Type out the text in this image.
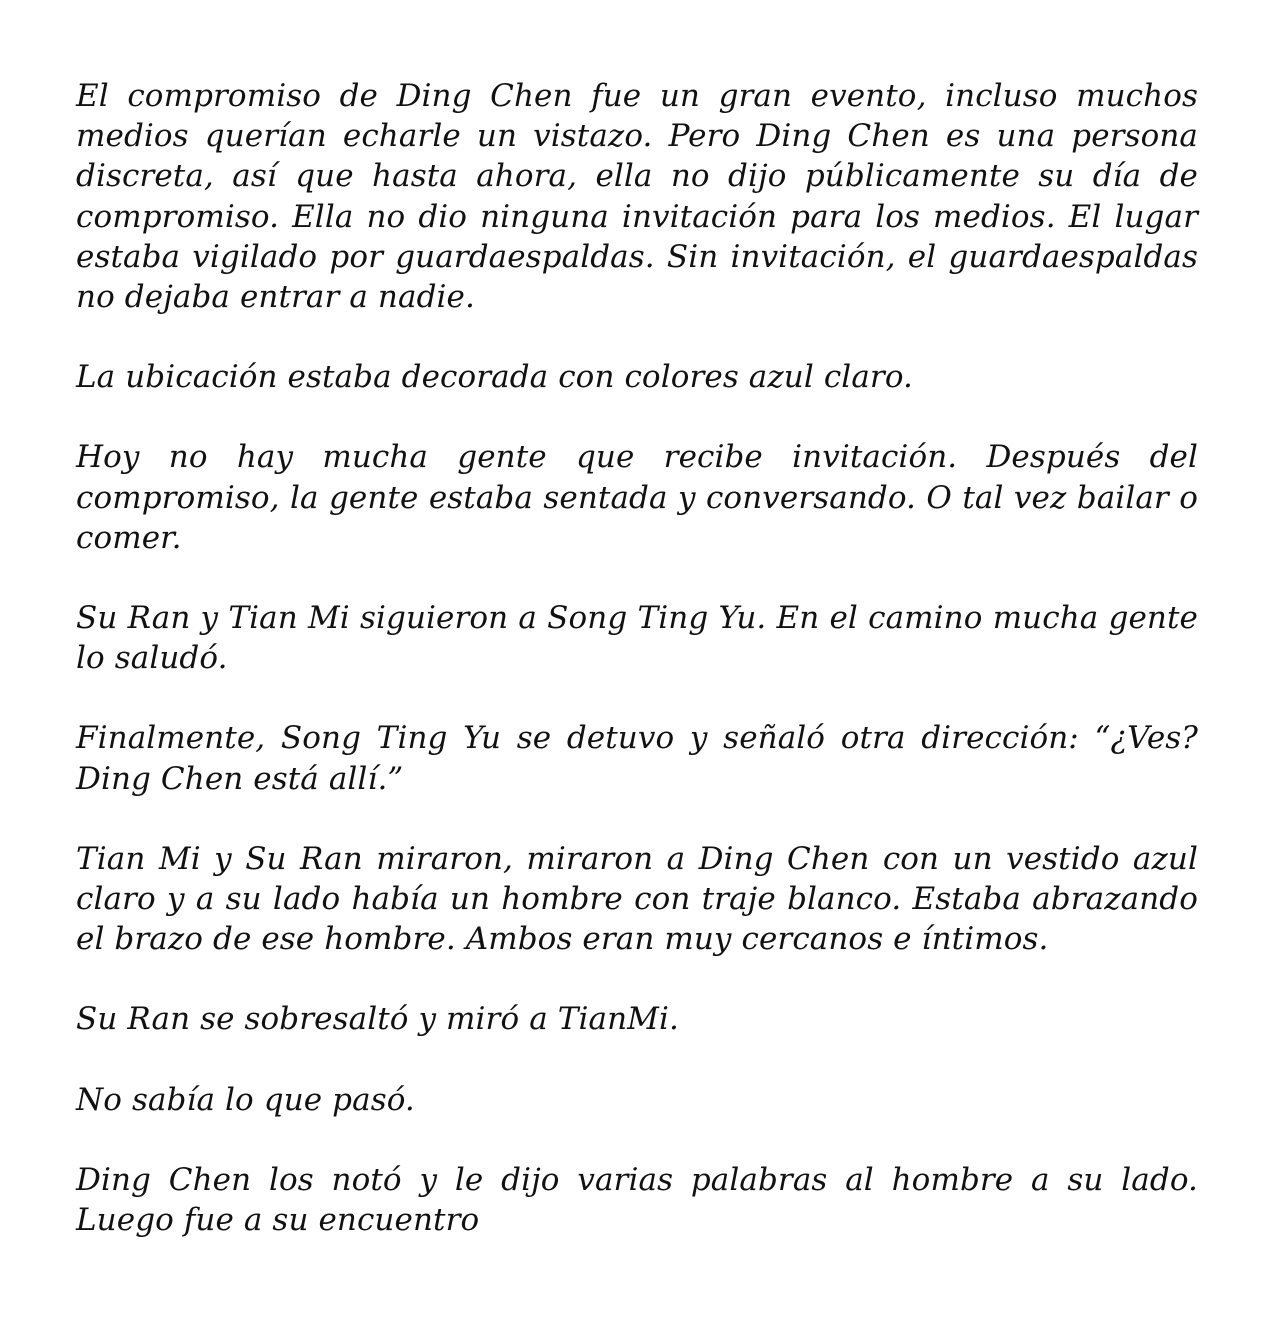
El compromiso de Ding Chen fue un gran evento, incluso muchos medios querían echarle un vistazo. Pero Ding Chen es una persona discreta, así que hasta ahora, ella no dijo públicamente su día de compromiso. Ella no dio ninguna invitación para los medios. El lugar estaba vigilado por guardaespaldas. Sin invitación, el guardaespaldas no dejaba entrar a nadie.

La ubicación estaba decorada con colores azul claro.

Hoy no hay mucha gente que recibe invitación. Después del compromiso, la gente estaba sentada y conversando. O tal vez bailar o comer.

Su Ran y Tian Mi siguieron a Song Ting Yu. En el camino mucha gente lo saludó.

Finalmente, Song Ting Yu se detuvo y señaló otra dirección: “¿Ves? Ding Chen está allí.”

Tian Mi y Su Ran miraron, miraron a Ding Chen con un vestido azul claro y a su lado había un hombre con traje blanco. Estaba abrazando el brazo de ese hombre. Ambos eran muy cercanos e íntimos.

Su Ran se sobresaltó y miró a TianMi.

No sabía lo que pasó.

Ding Chen los notó y le dijo varias palabras al hombre a su lado. Luego fue a su encuentro
